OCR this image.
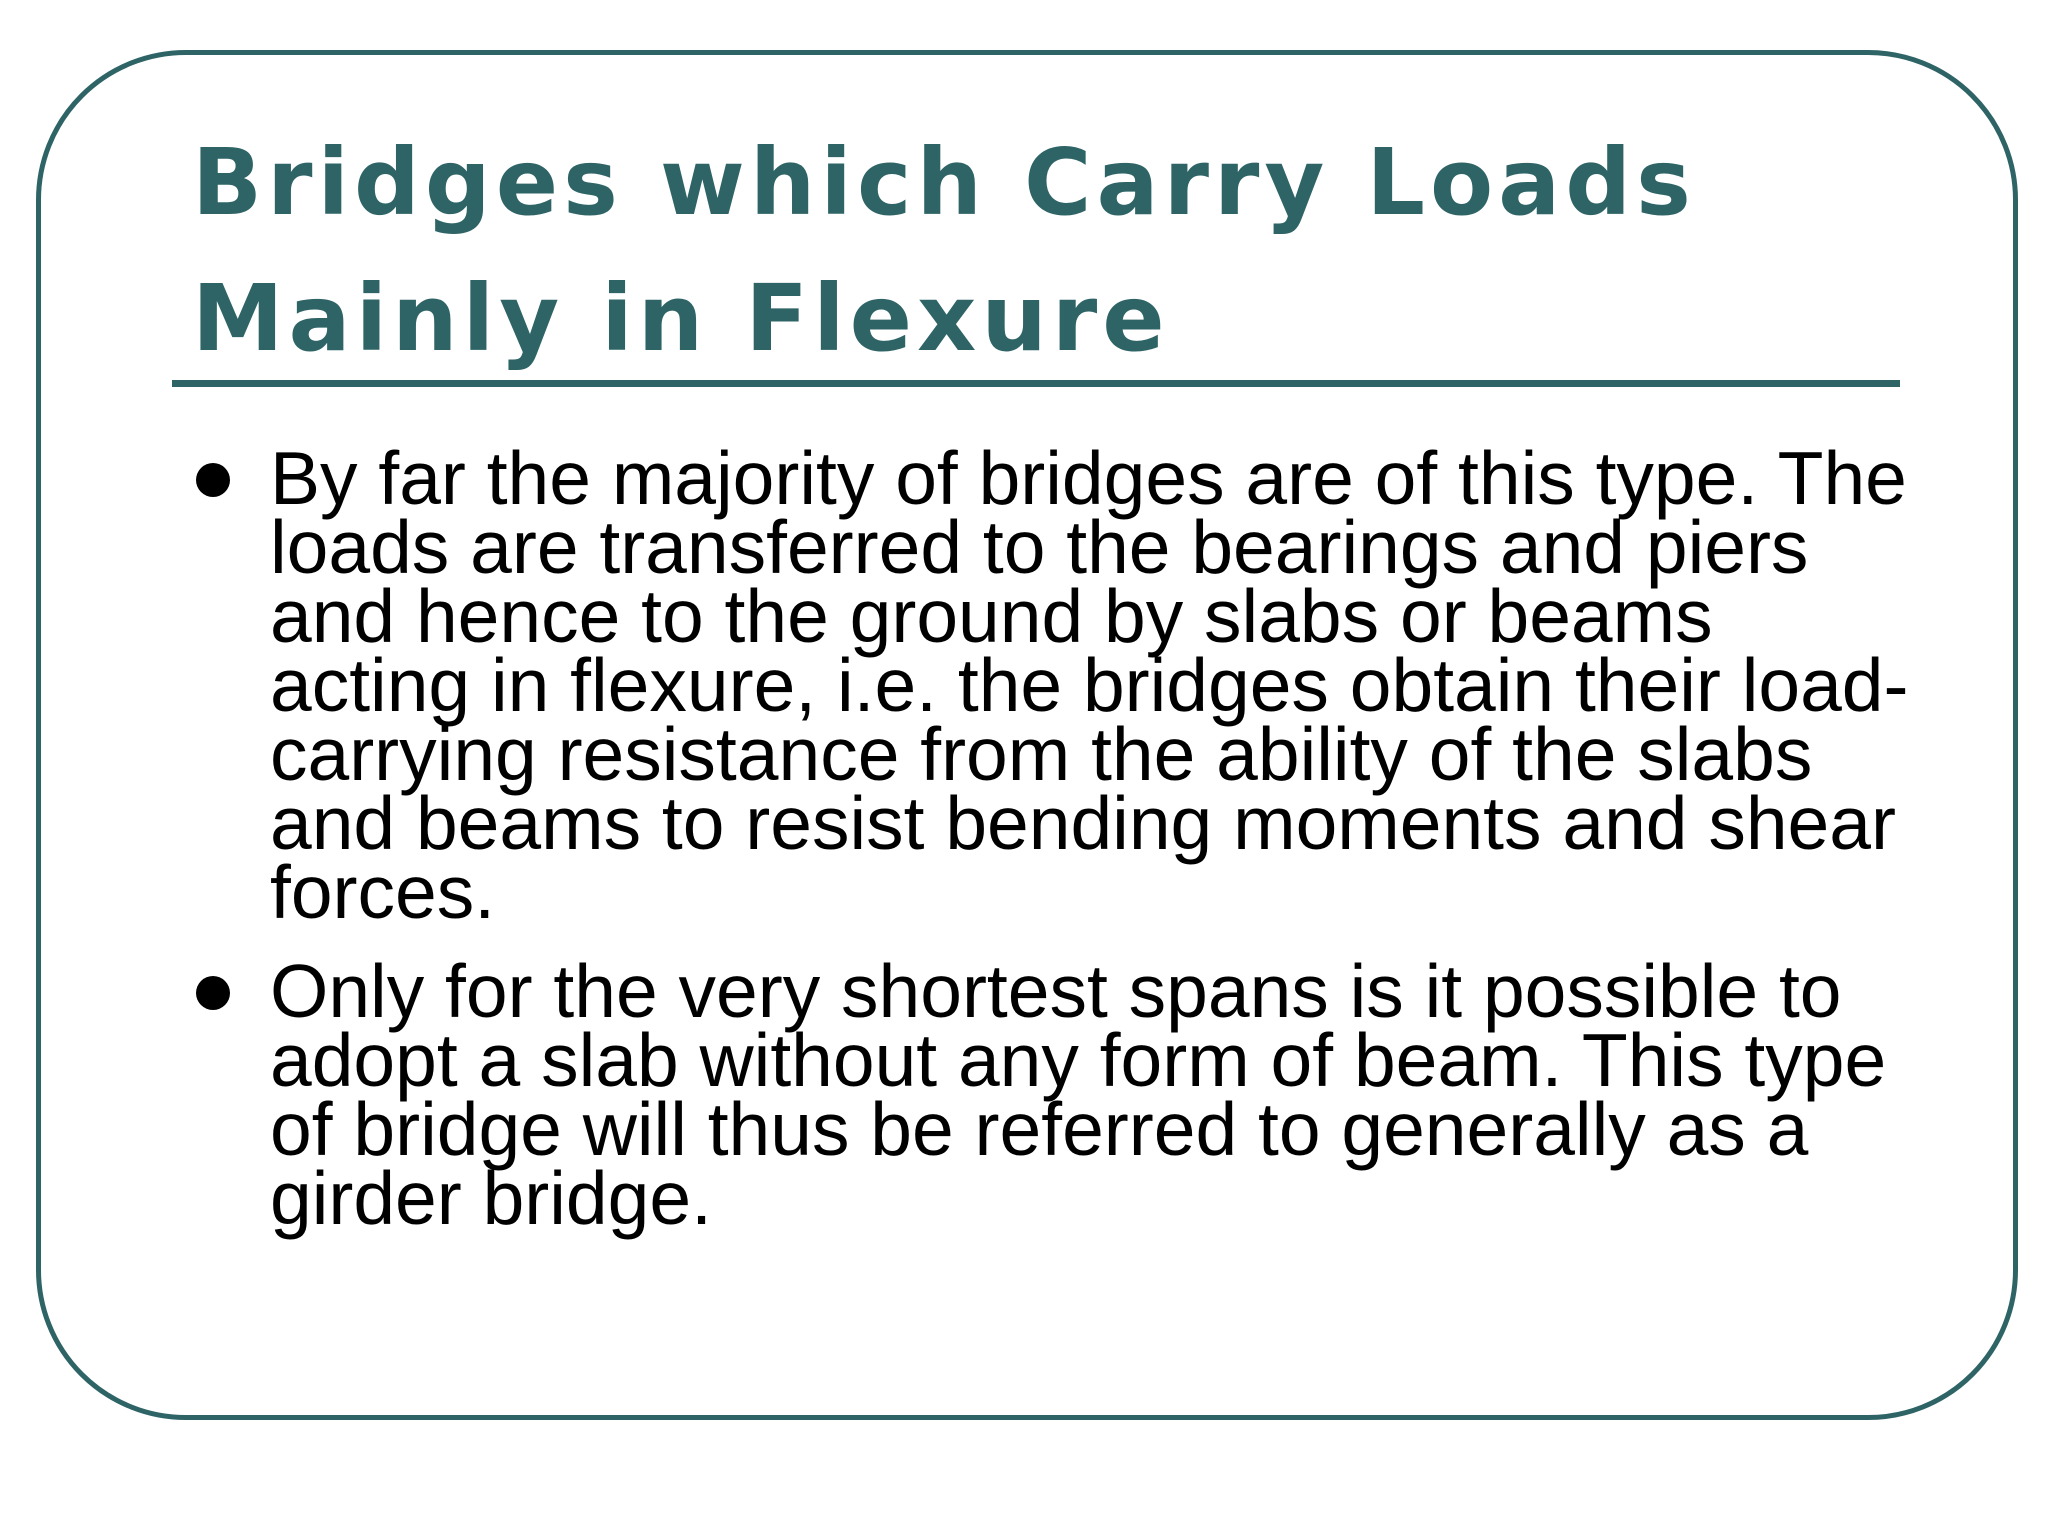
Bridges which Carry Loads
Mainly in Flexure
By far the majority of bridges are of this type. The loads are transferred to the bearings and piers and hence to the ground by slabs or beams acting in flexure, i.e. the bridges obtain their load-carrying resistance from the ability of the slabs and beams to resist bending moments and shear forces.
Only for the very shortest spans is it possible to adopt a slab without any form of beam. This type of bridge will thus be referred to generally as a girder bridge.
